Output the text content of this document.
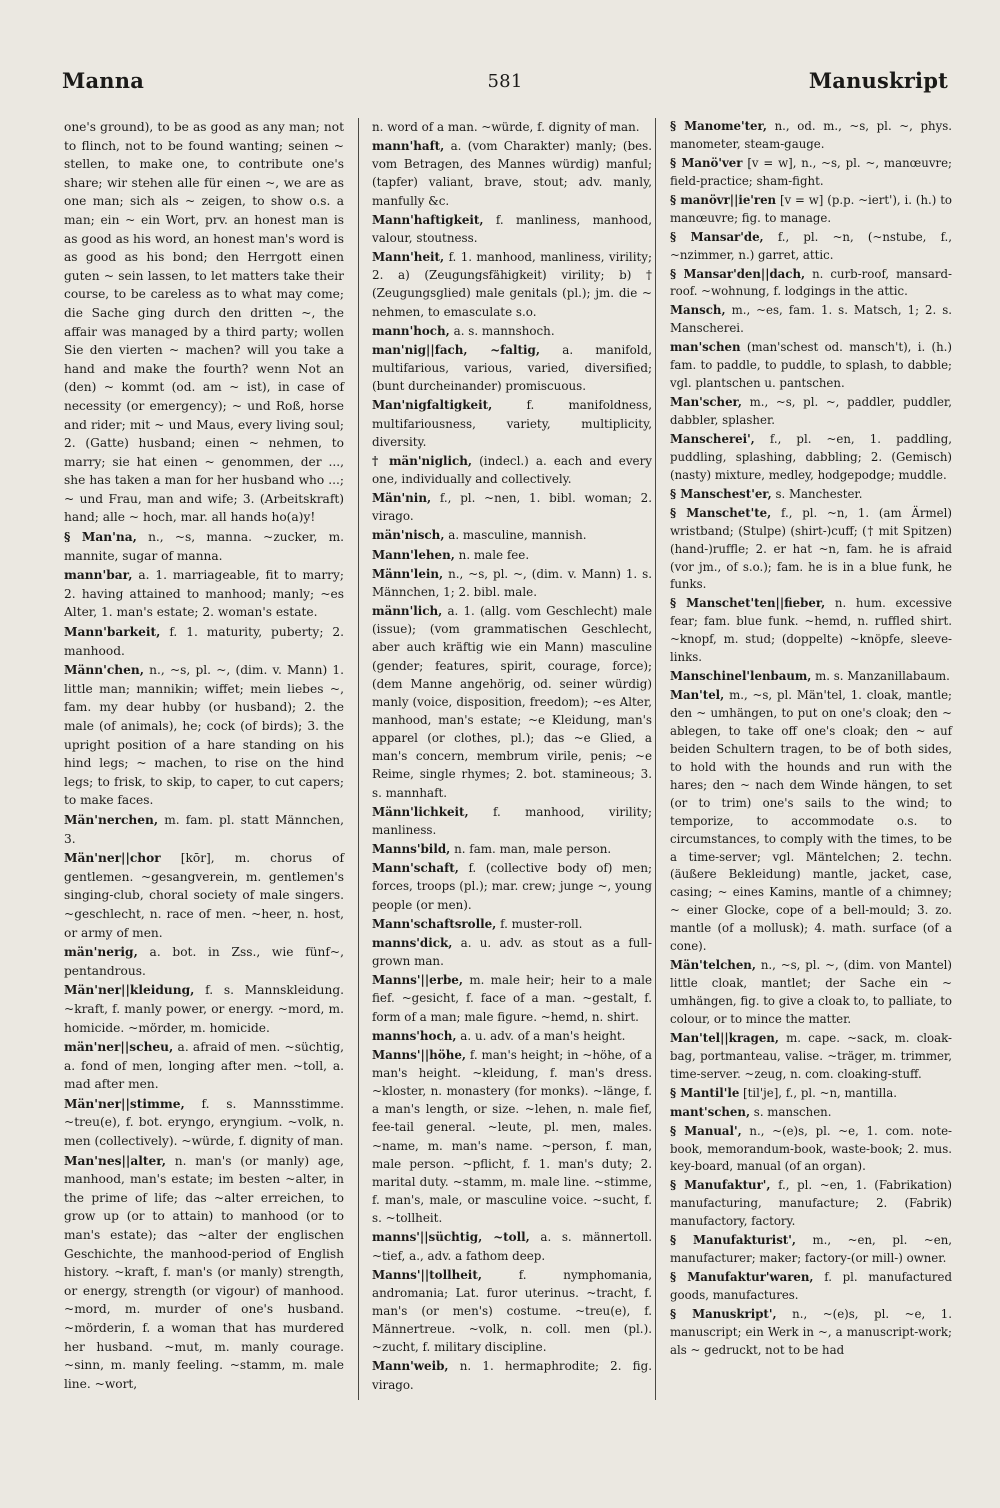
Manna	581	Manuskript

one's ground), to be as good as any man; not to flinch, not to be found wanting; seinen ~ stellen, to make one, to contribute one's share; wir stehen alle für einen ~, we are as one man; sich als ~ zeigen, to show o.s. a man; ein ~ ein Wort, prv. an honest man is as good as his word, an honest man's word is as good as his bond; den Herrgott einen guten ~ sein lassen, to let matters take their course, to be careless as to what may come; die Sache ging durch den dritten ~, the affair was managed by a third party; wollen Sie den vierten ~ machen? will you take a hand and make the fourth? wenn Not an (den) ~ kommt (od. am ~ ist), in case of necessity (or emergency); ~ und Roß, horse and rider; mit ~ und Maus, every living soul; 2. (Gatte) husband; einen ~ nehmen, to marry; sie hat einen ~ genommen, der ..., she has taken a man for her husband who ...; ~ und Frau, man and wife; 3. (Arbeitskraft) hand; alle ~ hoch, mar. all hands ho(a)y!

§ Man'na, n., ~s, manna. ~zucker, m. mannite, sugar of manna.

mann'bar, a. 1. marriageable, fit to marry; 2. having attained to manhood; manly; ~es Alter, 1. man's estate; 2. woman's estate.

Mann'barkeit, f. 1. maturity, puberty; 2. manhood.

Männ'chen, n., ~s, pl. ~, (dim. v. Mann) 1. little man; mannikin; wiffet; mein liebes ~, fam. my dear hubby (or husband); 2. the male (of animals), he; cock (of birds); 3. the upright position of a hare standing on his hind legs; ~ machen, to rise on the hind legs; to frisk, to skip, to caper, to cut capers; to make faces.

Män'nerchen, m. fam. pl. statt Männchen, 3.

Män'ner||chor [kōr], m. chorus of gentlemen. ~gesangverein, m. gentlemen's singing-club, choral society of male singers. ~geschlecht, n. race of men. ~heer, n. host, or army of men.

män'nerig, a. bot. in Zss., wie fünf~, pentandrous.

Män'ner||kleidung, f. s. Mannskleidung. ~kraft, f. manly power, or energy. ~mord, m. homicide. ~mörder, m. homicide.

män'ner||scheu, a. afraid of men. ~süchtig, a. fond of men, longing after men. ~toll, a. mad after men.

Män'ner||stimme, f. s. Mannsstimme. ~treu(e), f. bot. eryngo, eryngium. ~volk, n. men (collectively). ~würde, f. dignity of man.

Man'nes||alter, n. man's (or manly) age, manhood, man's estate; im besten ~alter, in the prime of life; das ~alter erreichen, to grow up (or to attain) to manhood (or to man's estate); das ~alter der englischen Geschichte, the manhood-period of English history. ~kraft, f. man's (or manly) strength, or energy, strength (or vigour) of manhood. ~mord, m. murder of one's husband. ~mörderin, f. a woman that has murdered her husband. ~mut, m. manly courage. ~sinn, m. manly feeling. ~stamm, m. male line. ~wort,

n. word of a man. ~würde, f. dignity of man.

mann'haft, a. (vom Charakter) manly; (bes. vom Betragen, des Mannes würdig) manful; (tapfer) valiant, brave, stout; adv. manly, manfully &c.

Mann'haftigkeit, f. manliness, manhood, valour, stoutness.

Mann'heit, f. 1. manhood, manliness, virility; 2. a) (Zeugungsfähigkeit) virility; b) † (Zeugungsglied) male genitals (pl.); jm. die ~ nehmen, to emasculate s.o.

mann'hoch, a. s. mannshoch.

man'nig||fach, ~faltig, a. manifold, multifarious, various, varied, diversified; (bunt durcheinander) promiscuous.

Man'nigfaltigkeit,	f. manifoldness, multifariousness, variety, multiplicity, diversity.

† män'niglich, (indecl.) a. each and every one, individually and collectively.

Män'nin, f., pl. ~nen, 1. bibl. woman; 2. virago.

män'nisch, a. masculine, mannish.

Mann'lehen, n. male fee.

Männ'lein, n., ~s, pl. ~, (dim. v. Mann) 1. s. Männchen, 1; 2. bibl. male.

männ'lich, a. 1. (allg. vom Geschlecht) male (issue); (vom grammatischen Geschlecht, aber auch kräftig wie ein Mann) masculine (gender; features, spirit, courage, force); (dem Manne angehörig, od. seiner würdig) manly (voice, disposition, freedom); ~es Alter, manhood, man's estate; ~e Kleidung, man's apparel (or clothes, pl.); das ~e Glied, a man's concern, membrum virile, penis; ~e Reime, single rhymes; 2. bot. stamineous; 3. s. mannhaft.

Männ'lichkeit, f. manhood, virility; manliness.

Manns'bild, n. fam. man, male person.

Mann'schaft, f. (collective body of) men; forces, troops (pl.); mar. crew; junge ~, young people (or men).

Mann'schaftsrolle, f. muster-roll.

manns'dick, a. u. adv. as stout as a full-grown man.

Manns'||erbe, m. male heir; heir to a male fief. ~gesicht, f. face of a man. ~gestalt, f. form of a man; male figure. ~hemd, n. shirt.

manns'hoch, a. u. adv. of a man's height.

Manns'||höhe, f. man's height; in ~höhe, of a man's height. ~kleidung, f. man's dress. ~kloster, n. monastery (for monks). ~länge, f. a man's length, or size. ~lehen, n. male fief, fee-tail general. ~leute, pl. men, males. ~name, m. man's name. ~person, f. man, male person. ~pflicht, f. 1. man's duty; 2. marital duty. ~stamm, m. male line. ~stimme, f. man's, male, or masculine voice. ~sucht, f. s. ~tollheit.

manns'||süchtig, ~toll, a. s. männertoll. ~tief, a., adv. a fathom deep.

Manns'||tollheit,	f. nymphomania, andromania; Lat. furor uterinus. ~tracht, f. man's (or men's) costume. ~treu(e), f. Männertreue. ~volk, n. coll. men (pl.). ~zucht, f. military discipline.

Mann'weib, n. 1. hermaphrodite; 2. fig. virago.

§ Manome'ter, n., od. m., ~s, pl. ~, phys. manometer, steam-gauge.

§ Manö'ver [v = w], n., ~s, pl. ~, manœuvre; field-practice; sham-fight.

§ manövr||ie'ren [v = w] (p.p. ~iert'), i. (h.) to manœuvre; fig. to manage.

§ Mansar'de, f., pl. ~n, (~nstube, f., ~nzimmer, n.) garret, attic.

§ Mansar'den||dach, n. curb-roof, mansard-roof. ~wohnung, f. lodgings in the attic.

Mansch, m., ~es, fam. 1. s. Matsch, 1; 2. s. Manscherei.

man'schen (man'schest od. mansch't), i. (h.) fam. to paddle, to puddle, to splash, to dabble; vgl. plantschen u. pantschen.

Man'scher, m., ~s, pl. ~, paddler, puddler, dabbler, splasher.

Manscherei', f., pl. ~en, 1. paddling, puddling, splashing, dabbling; 2. (Gemisch) (nasty) mixture, medley, hodgepodge; muddle.

§ Manschest'er, s. Manchester.

§ Manschet'te, f., pl. ~n, 1. (am Ärmel) wristband; (Stulpe) (shirt-)cuff; († mit Spitzen) (hand-)ruffle; 2. er hat ~n, fam. he is afraid (vor jm., of s.o.); fam. he is in a blue funk, he funks.

§ Manschet'ten||fieber, n. hum. excessive fear; fam. blue funk. ~hemd, n. ruffled shirt. ~knopf, m. stud; (doppelte) ~knöpfe, sleeve-links.

Manschinel'lenbaum, m. s. Manzanillabaum.

Man'tel, m., ~s, pl. Män'tel, 1. cloak, mantle; den ~ umhängen, to put on one's cloak; den ~ ablegen, to take off one's cloak; den ~ auf beiden Schultern tragen, to be of both sides, to hold with the hounds and run with the hares; den ~ nach dem Winde hängen, to set (or to trim) one's sails to the wind; to temporize, to accommodate o.s. to circumstances, to comply with the times, to be a time-server; vgl. Mäntelchen; 2. techn. (äußere Bekleidung) mantle, jacket, case, casing; ~ eines Kamins, mantle of a chimney; ~ einer Glocke, cope of a bell-mould; 3. zo. mantle (of a mollusk); 4. math. surface (of a cone).

Män'telchen, n., ~s, pl. ~, (dim. von Mantel) little cloak, mantlet; der Sache ein ~ umhängen, fig. to give a cloak to, to palliate, to colour, or to mince the matter.

Man'tel||kragen, m. cape. ~sack, m. cloak-bag, portmanteau, valise. ~träger, m. trimmer, time-server. ~zeug, n. com. cloaking-stuff.

§ Mantil'le [til'je], f., pl. ~n, mantilla.

mant'schen, s. manschen.

§ Manual', n., ~(e)s, pl. ~e, 1. com. note-book, memorandum-book, waste-book; 2. mus. key-board, manual (of an organ).

§ Manufaktur', f., pl. ~en, 1. (Fabrikation) manufacturing, manufacture; 2. (Fabrik) manufactory, factory.

§ Manufakturist', m., ~en, pl. ~en, manufacturer; maker; factory-(or mill-) owner.

§ Manufaktur'waren, f. pl. manufactured goods, manufactures.

§ Manuskript', n., ~(e)s, pl. ~e, 1. manuscript; ein Werk in ~, a manuscript-work; als ~ gedruckt, not to be had
